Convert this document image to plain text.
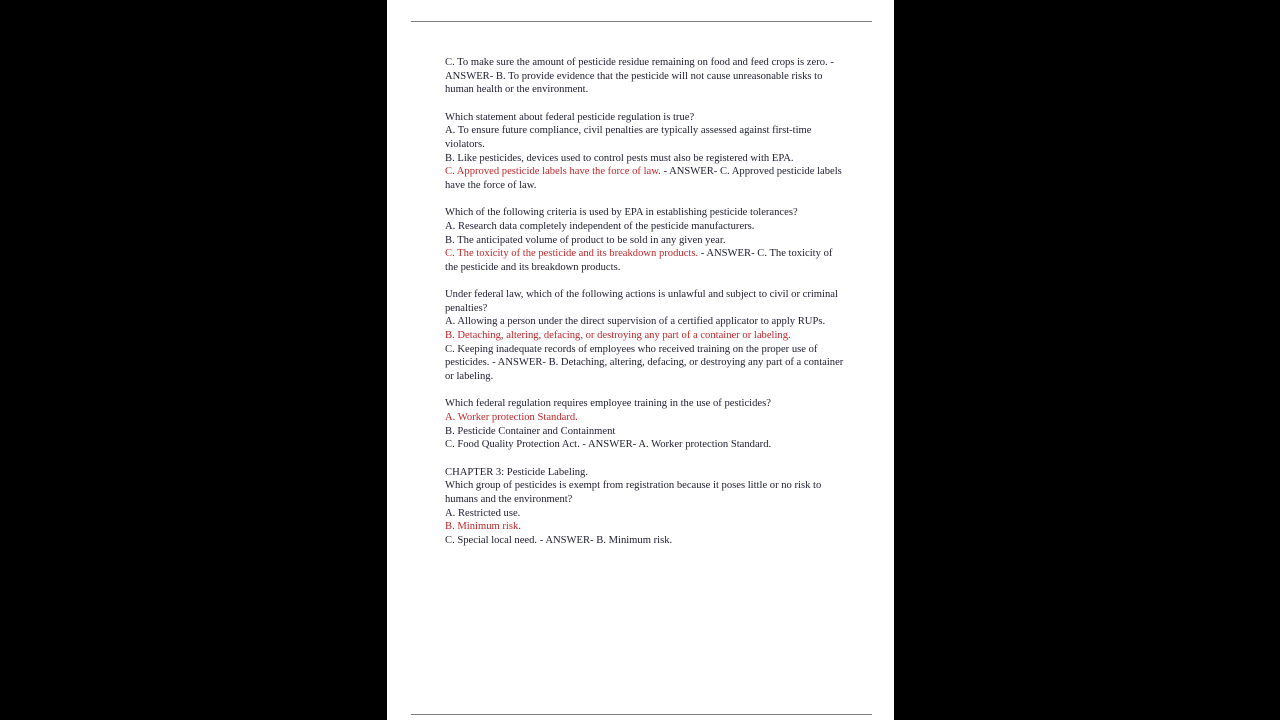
C. To make sure the amount of pesticide residue remaining on food and feed crops is zero. - ANSWER- B. To provide evidence that the pesticide will not cause unreasonable risks to human health or the environment.

Which statement about federal pesticide regulation is true?
A. To ensure future compliance, civil penalties are typically assessed against first-time violators.
B. Like pesticides, devices used to control pests must also be registered with EPA.
C. Approved pesticide labels have the force of law. - ANSWER- C. Approved pesticide labels have the force of law.

Which of the following criteria is used by EPA in establishing pesticide tolerances?
A. Research data completely independent of the pesticide manufacturers.
B. The anticipated volume of product to be sold in any given year.
C. The toxicity of the pesticide and its breakdown products. - ANSWER- C. The toxicity of the pesticide and its breakdown products.

Under federal law, which of the following actions is unlawful and subject to civil or criminal penalties?
A. Allowing a person under the direct supervision of a certified applicator to apply RUPs.
B. Detaching, altering, defacing, or destroying any part of a container or labeling.
C. Keeping inadequate records of employees who received training on the proper use of pesticides. - ANSWER- B. Detaching, altering, defacing, or destroying any part of a container or labeling.

Which federal regulation requires employee training in the use of pesticides?
A. Worker protection Standard.
B. Pesticide Container and Containment
C. Food Quality Protection Act. - ANSWER- A. Worker protection Standard.

CHAPTER 3: Pesticide Labeling.
Which group of pesticides is exempt from registration because it poses little or no risk to humans and the environment?
A. Restricted use.
B. Minimum risk.
C. Special local need. - ANSWER- B. Minimum risk.
